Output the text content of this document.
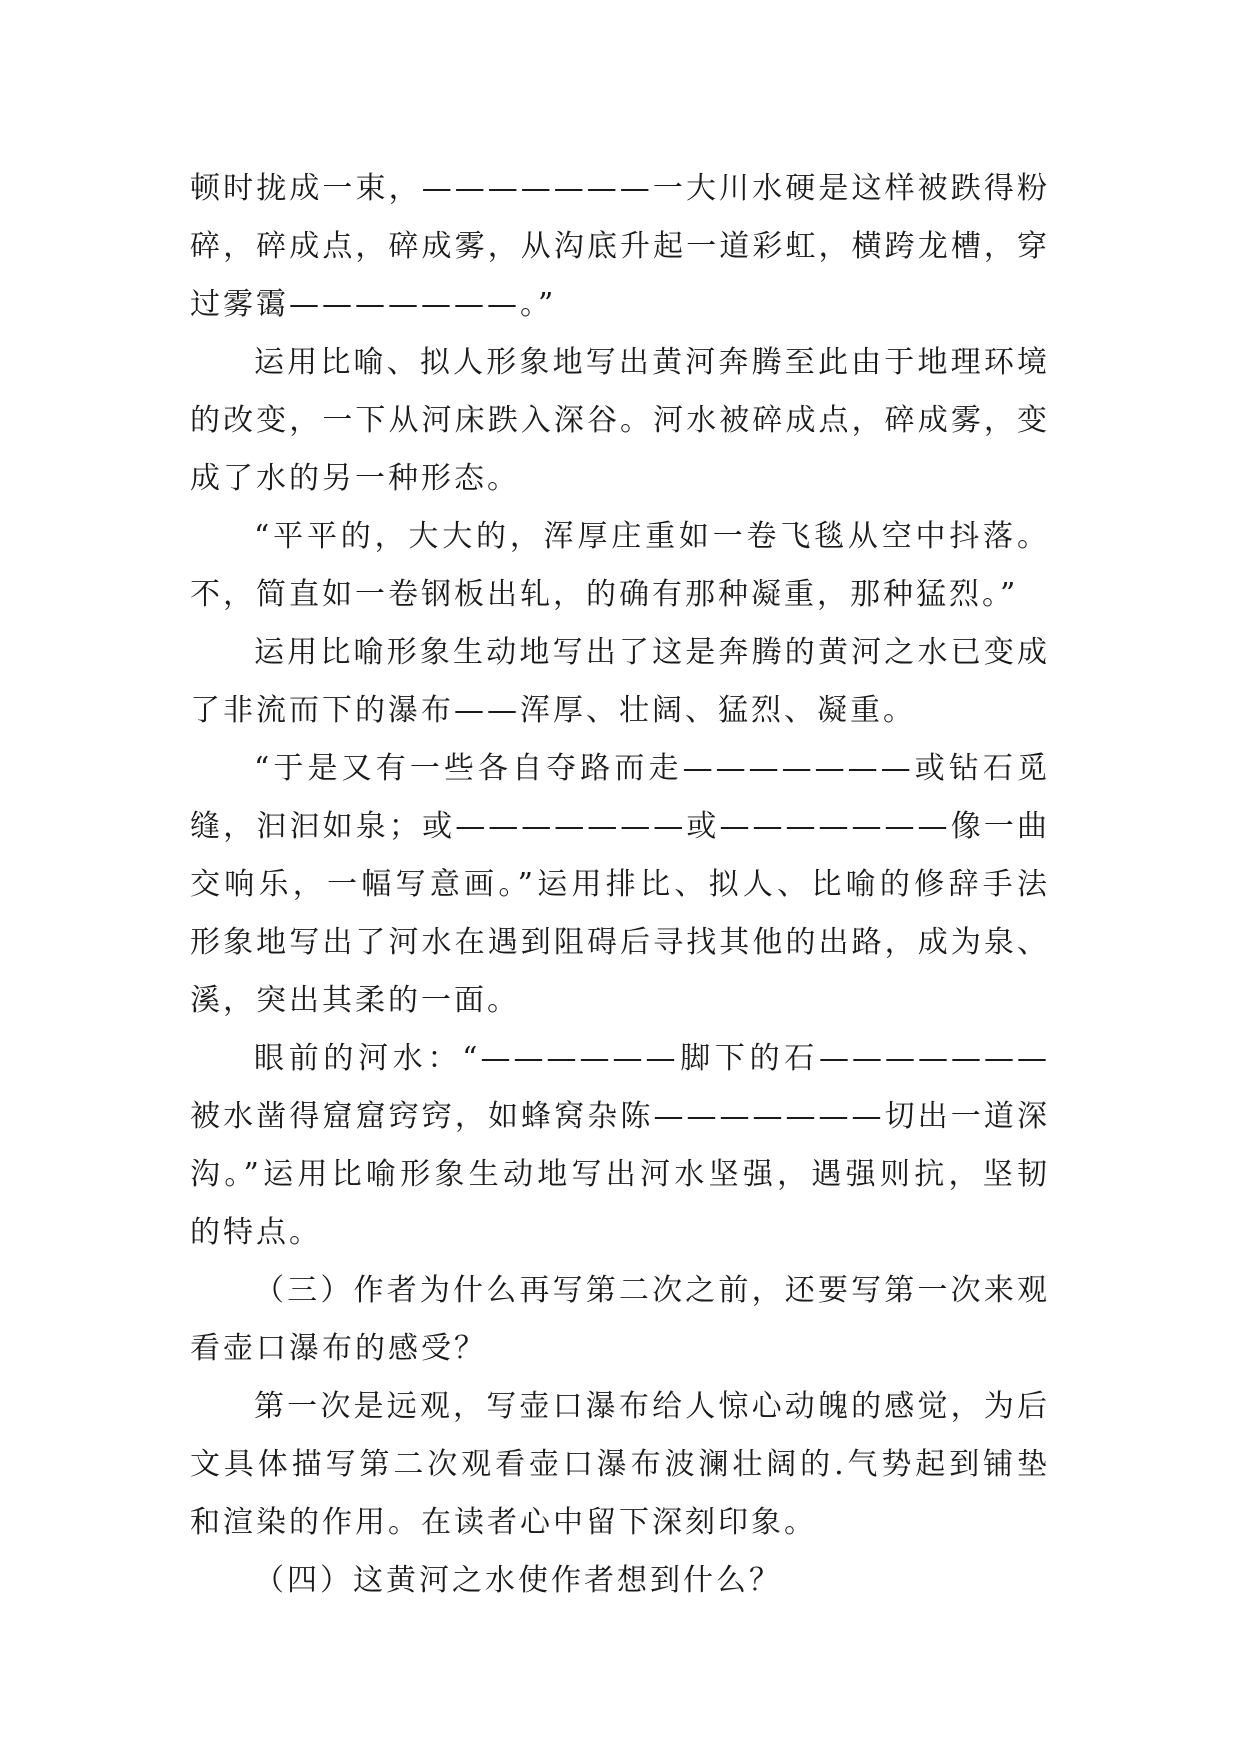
顿时拢成一束，———————一大川水硬是这样被跌得粉碎，碎成点，碎成雾，从沟底升起一道彩虹，横跨龙槽，穿过雾霭———————。”

运用比喻、拟人形象地写出黄河奔腾至此由于地理环境的改变，一下从河床跌入深谷。河水被碎成点，碎成雾，变成了水的另一种形态。

“平平的，大大的，浑厚庄重如一卷飞毯从空中抖落。不，简直如一卷钢板出轧，的确有那种凝重，那种猛烈。”

运用比喻形象生动地写出了这是奔腾的黄河之水已变成了非流而下的瀑布——浑厚、壮阔、猛烈、凝重。

“于是又有一些各自夺路而走———————或钻石觅缝，汩汩如泉；或———————或———————像一曲交响乐，一幅写意画。”运用排比、拟人、比喻的修辞手法形象地写出了河水在遇到阻碍后寻找其他的出路，成为泉、溪，突出其柔的一面。

眼前的河水：“——————脚下的石———————被水凿得窟窟窍窍，如蜂窝杂陈———————切出一道深沟。”运用比喻形象生动地写出河水坚强，遇强则抗，坚韧的特点。

（三）作者为什么再写第二次之前，还要写第一次来观看壶口瀑布的感受？

第一次是远观，写壶口瀑布给人惊心动魄的感觉，为后文具体描写第二次观看壶口瀑布波澜壮阔的.气势起到铺垫和渲染的作用。在读者心中留下深刻印象。

（四）这黄河之水使作者想到什么？
